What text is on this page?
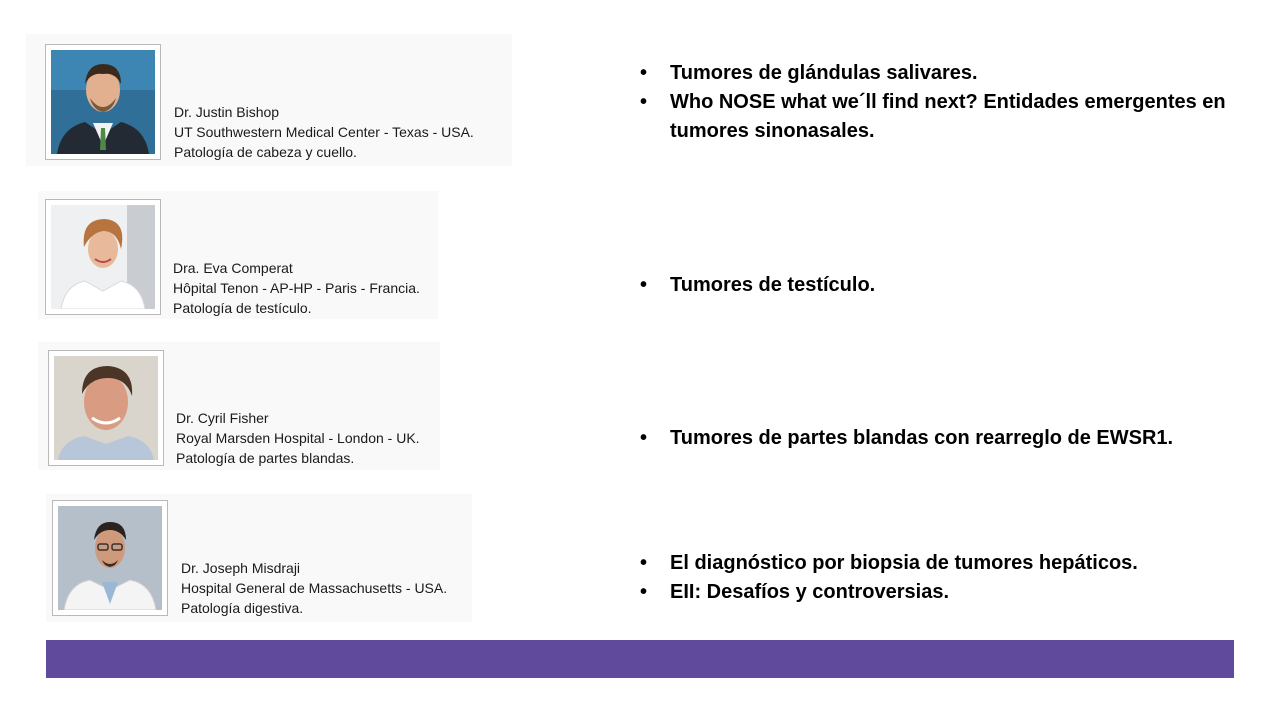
Dr. Justin Bishop
UT Southwestern Medical Center - Texas - USA.
Patología de cabeza y cuello.
Dra. Eva Comperat
Hôpital Tenon - AP-HP - Paris - Francia.
Patología de testículo.
Dr. Cyril Fisher
Royal Marsden Hospital - London - UK.
Patología de partes blandas.
Dr. Joseph Misdraji
Hospital General de Massachusetts - USA.
Patología digestiva.
• Tumores de glándulas salivares.
• Who NOSE what we´ll find next? Entidades emergentes en tumores sinonasales.
• Tumores de testículo.
• Tumores de partes blandas con rearreglo de EWSR1.
• El diagnóstico por biopsia de tumores hepáticos.
• EII: Desafíos y controversias.
